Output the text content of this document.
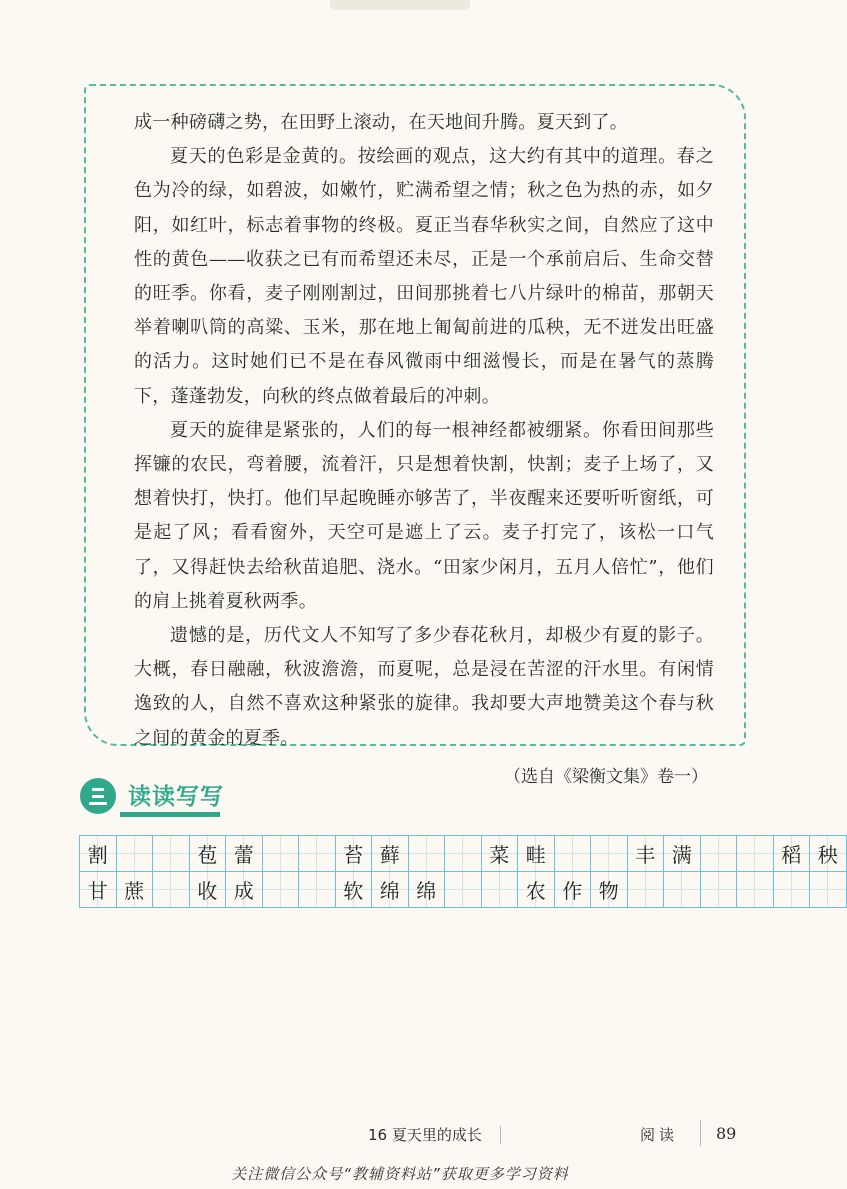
成一种磅礴之势，在田野上滚动，在天地间升腾。夏天到了。

夏天的色彩是金黄的。按绘画的观点，这大约有其中的道理。春之色为冷的绿，如碧波，如嫩竹，贮满希望之情；秋之色为热的赤，如夕阳，如红叶，标志着事物的终极。夏正当春华秋实之间，自然应了这中性的黄色——收获之已有而希望还未尽，正是一个承前启后、生命交替的旺季。你看，麦子刚刚割过，田间那挑着七八片绿叶的棉苗，那朝天举着喇叭筒的高粱、玉米，那在地上匍匐前进的瓜秧，无不迸发出旺盛的活力。这时她们已不是在春风微雨中细滋慢长，而是在暑气的蒸腾下，蓬蓬勃发，向秋的终点做着最后的冲刺。

夏天的旋律是紧张的，人们的每一根神经都被绷紧。你看田间那些挥镰的农民，弯着腰，流着汗，只是想着快割，快割；麦子上场了，又想着快打，快打。他们早起晚睡亦够苦了，半夜醒来还要听听窗纸，可是起了风；看看窗外，天空可是遮上了云。麦子打完了，该松一口气了，又得赶快去给秋苗追肥、浇水。“田家少闲月，五月人倍忙”，他们的肩上挑着夏秋两季。

遗憾的是，历代文人不知写了多少春花秋月，却极少有夏的影子。大概，春日融融，秋波澹澹，而夏呢，总是浸在苦涩的汗水里。有闲情逸致的人，自然不喜欢这种紧张的旋律。我却要大声地赞美这个春与秋之间的黄金的夏季。

（选自《梁衡文集》卷一）

读读写写
割	苞 蕾	苔 藓	菜 畦	丰 满	稻 秧
甘 蔗	收 成	软 绵 绵	农 作 物
16 夏天里的成长	阅读 89
关注微信公众号“教辅资料站”获取更多学习资料
